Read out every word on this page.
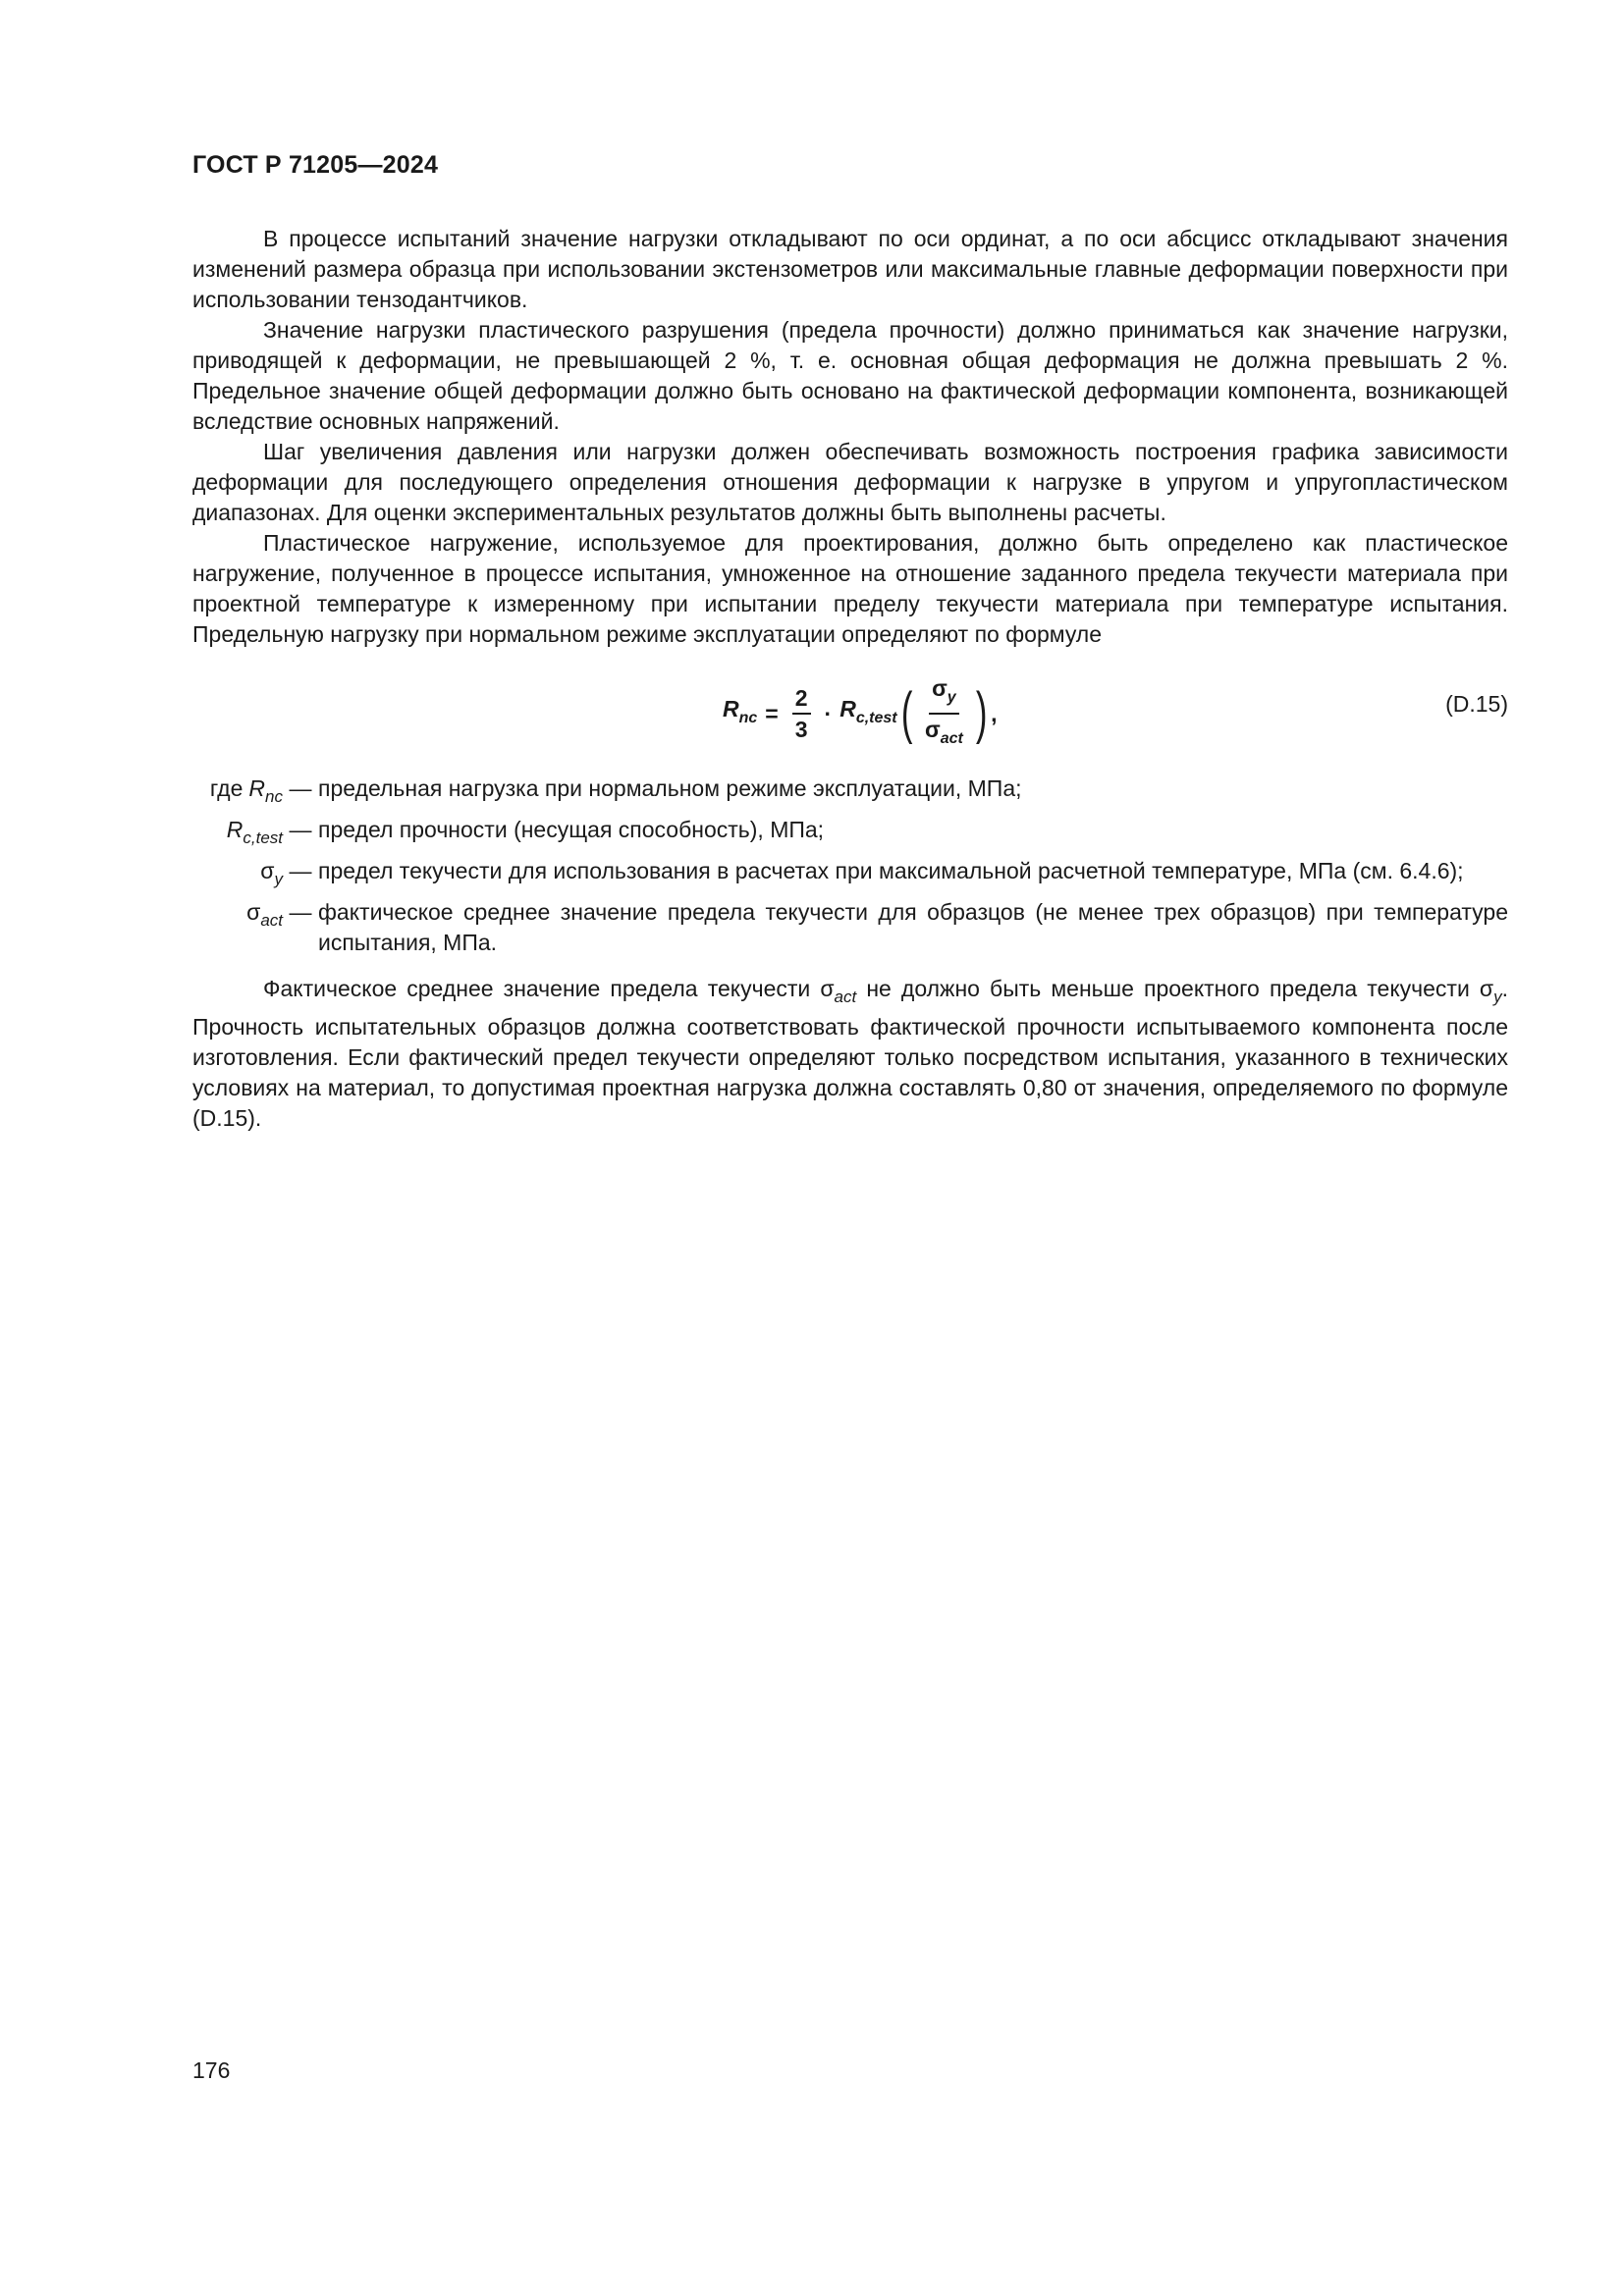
ГОСТ Р 71205—2024

В процессе испытаний значение нагрузки откладывают по оси ординат, а по оси абсцисс откладывают значения изменений размера образца при использовании экстензометров или максимальные главные деформации поверхности при использовании тензодантчиков.

Значение нагрузки пластического разрушения (предела прочности) должно приниматься как значение нагрузки, приводящей к деформации, не превышающей 2 %, т. е. основная общая деформация не должна превышать 2 %. Предельное значение общей деформации должно быть основано на фактической деформации компонента, возникающей вследствие основных напряжений.

Шаг увеличения давления или нагрузки должен обеспечивать возможность построения графика зависимости деформации для последующего определения отношения деформации к нагрузке в упругом и упругопластическом диапазонах. Для оценки экспериментальных результатов должны быть выполнены расчеты.

Пластическое нагружение, используемое для проектирования, должно быть определено как пластическое нагружение, полученное в процессе испытания, умноженное на отношение заданного предела текучести материала при проектной температуре к измеренному при испытании пределу текучести материала при температуре испытания. Предельную нагрузку при нормальном режиме эксплуатации определяют по формуле

$R_{nc} = \frac{2}{3} \cdot R_{c,test}$ ( $\frac{\sigma_y}{\sigma_{act}}$ ) ,	(D.15)
где $R_{nc}$ — предельная нагрузка при нормальном режиме эксплуатации, МПа;
$R_{c,test}$ — предел прочности (несущая способность), МПа;
$\sigma_y$ — предел текучести для использования в расчетах при максимальной расчетной температуре, МПа (см. 6.4.6);
$\sigma_{act}$ — фактическое среднее значение предела текучести для образцов (не менее трех образцов) при температуре испытания, МПа.

Фактическое среднее значение предела текучести $\sigma_{act}$ не должно быть меньше проектного предела текучести $\sigma_y$. Прочность испытательных образцов должна соответствовать фактической прочности испытываемого компонента после изготовления. Если фактический предел текучести определяют только посредством испытания, указанного в технических условиях на материал, то допустимая проектная нагрузка должна составлять 0,80 от значения, определяемого по формуле (D.15).

176
